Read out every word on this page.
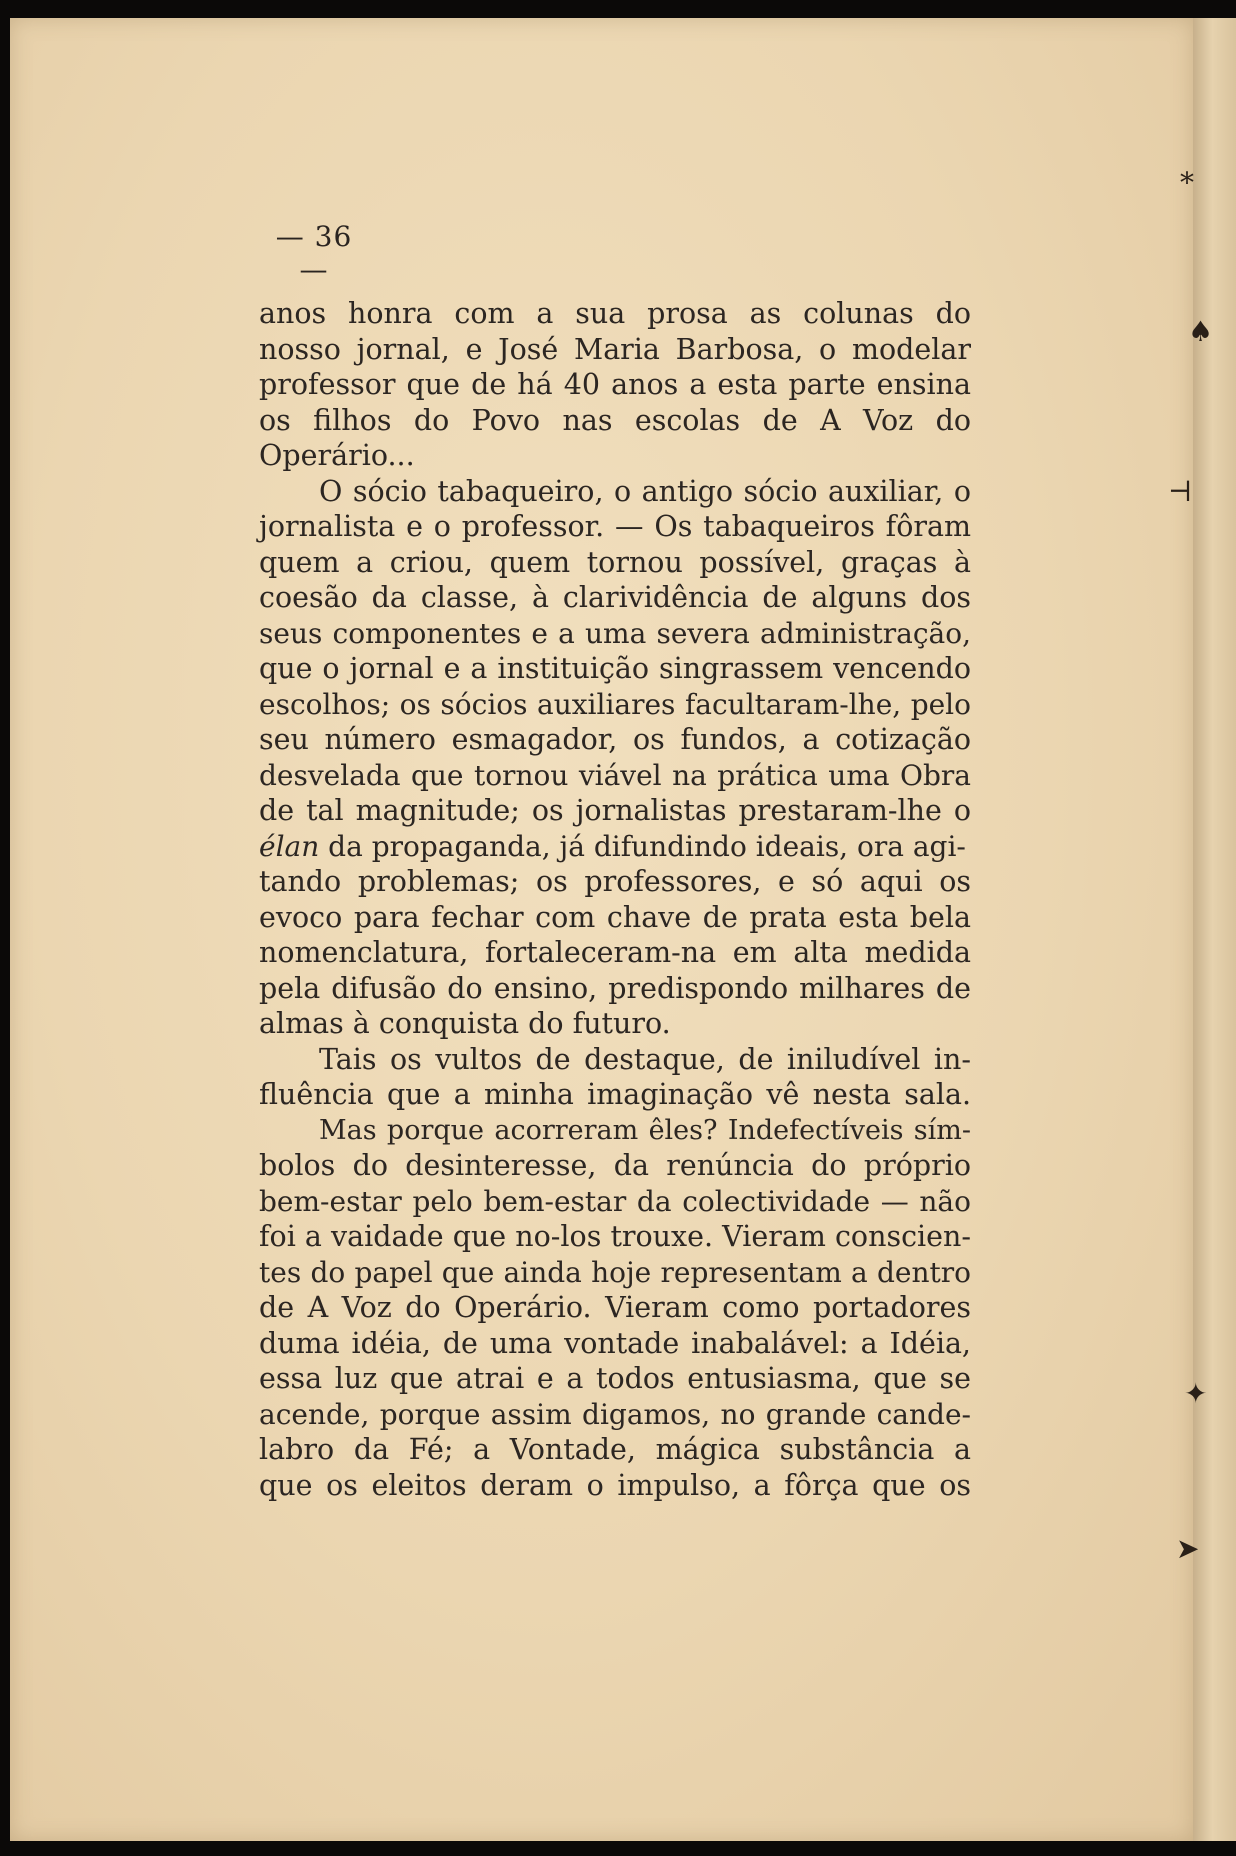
⁎
♠
⊣
✦
➤
— 36 —
anos honra com a sua prosa as colunas do
nosso jornal, e José Maria Barbosa, o modelar
professor que de há 40 anos a esta parte ensina
os filhos do Povo nas escolas de A Voz do
Operário...
O sócio tabaqueiro, o antigo sócio auxiliar, o
jornalista e o professor. — Os tabaqueiros fôram
quem a criou, quem tornou possível, graças à
coesão da classe, à clarividência de alguns dos
seus componentes e a uma severa administração,
que o jornal e a instituição singrassem vencendo
escolhos; os sócios auxiliares facultaram-lhe, pelo
seu número esmagador, os fundos, a cotização
desvelada que tornou viável na prática uma Obra
de tal magnitude; os jornalistas prestaram-lhe o
élan da propaganda, já difundindo ideais, ora agi-
tando problemas; os professores, e só aqui os
evoco para fechar com chave de prata esta bela
nomenclatura, fortaleceram-na em alta medida
pela difusão do ensino, predispondo milhares de
almas à conquista do futuro.
Tais os vultos de destaque, de iniludível in-
fluência que a minha imaginação vê nesta sala.
Mas porque acorreram êles? Indefectíveis sím-
bolos do desinteresse, da renúncia do próprio
bem-estar pelo bem-estar da colectividade — não
foi a vaidade que no-los trouxe. Vieram conscien-
tes do papel que ainda hoje representam a dentro
de A Voz do Operário. Vieram como portadores
duma idéia, de uma vontade inabalável: a Idéia,
essa luz que atrai e a todos entusiasma, que se
acende, porque assim digamos, no grande cande-
labro da Fé; a Vontade, mágica substância a
que os eleitos deram o impulso, a fôrça que os
